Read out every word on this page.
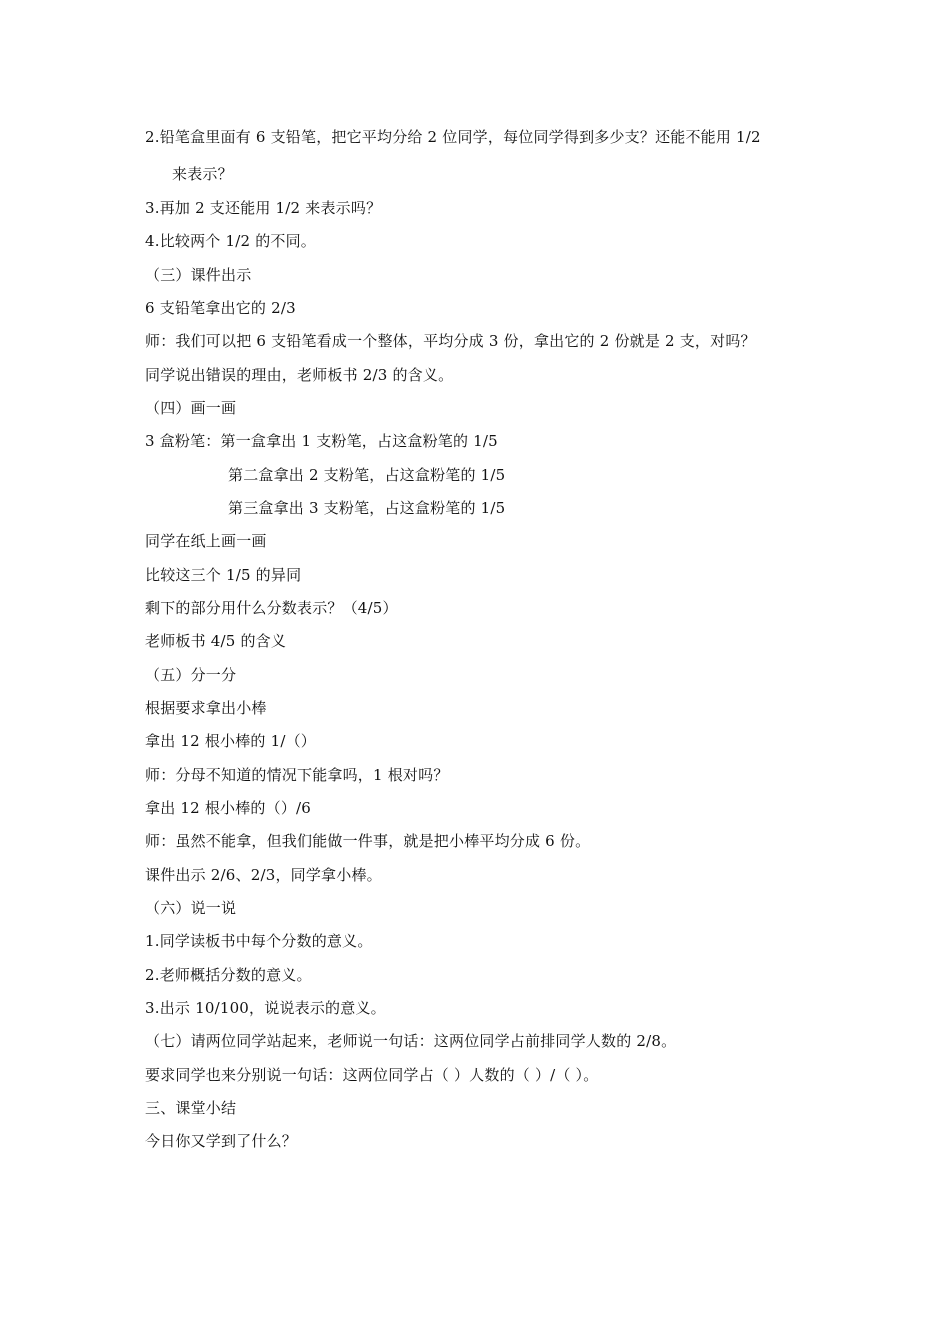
2.铅笔盒里面有 6 支铅笔，把它平均分给 2 位同学，每位同学得到多少支？还能不能用 1/2
来表示？
3.再加 2 支还能用 1/2 来表示吗？
4.比较两个 1/2 的不同。
（三）课件出示
6 支铅笔拿出它的 2/3
师：我们可以把 6 支铅笔看成一个整体，平均分成 3 份，拿出它的 2 份就是 2 支，对吗？
同学说出错误的理由，老师板书 2/3 的含义。
（四）画一画
3 盒粉笔：第一盒拿出 1 支粉笔，占这盒粉笔的 1/5
第二盒拿出 2 支粉笔，占这盒粉笔的 1/5
第三盒拿出 3 支粉笔，占这盒粉笔的 1/5
同学在纸上画一画
比较这三个 1/5 的异同
剩下的部分用什么分数表示？（4/5）
老师板书 4/5 的含义
（五）分一分
根据要求拿出小棒
拿出 12 根小棒的 1/（）
师：分母不知道的情况下能拿吗，1 根对吗？
拿出 12 根小棒的（）/6
师：虽然不能拿，但我们能做一件事，就是把小棒平均分成 6 份。
课件出示 2/6、2/3，同学拿小棒。
（六）说一说
1.同学读板书中每个分数的意义。
2.老师概括分数的意义。
3.出示 10/100，说说表示的意义。
（七）请两位同学站起来，老师说一句话：这两位同学占前排同学人数的 2/8。
要求同学也来分别说一句话：这两位同学占（ ）人数的（ ）/（ ）。
三、课堂小结
今日你又学到了什么？
